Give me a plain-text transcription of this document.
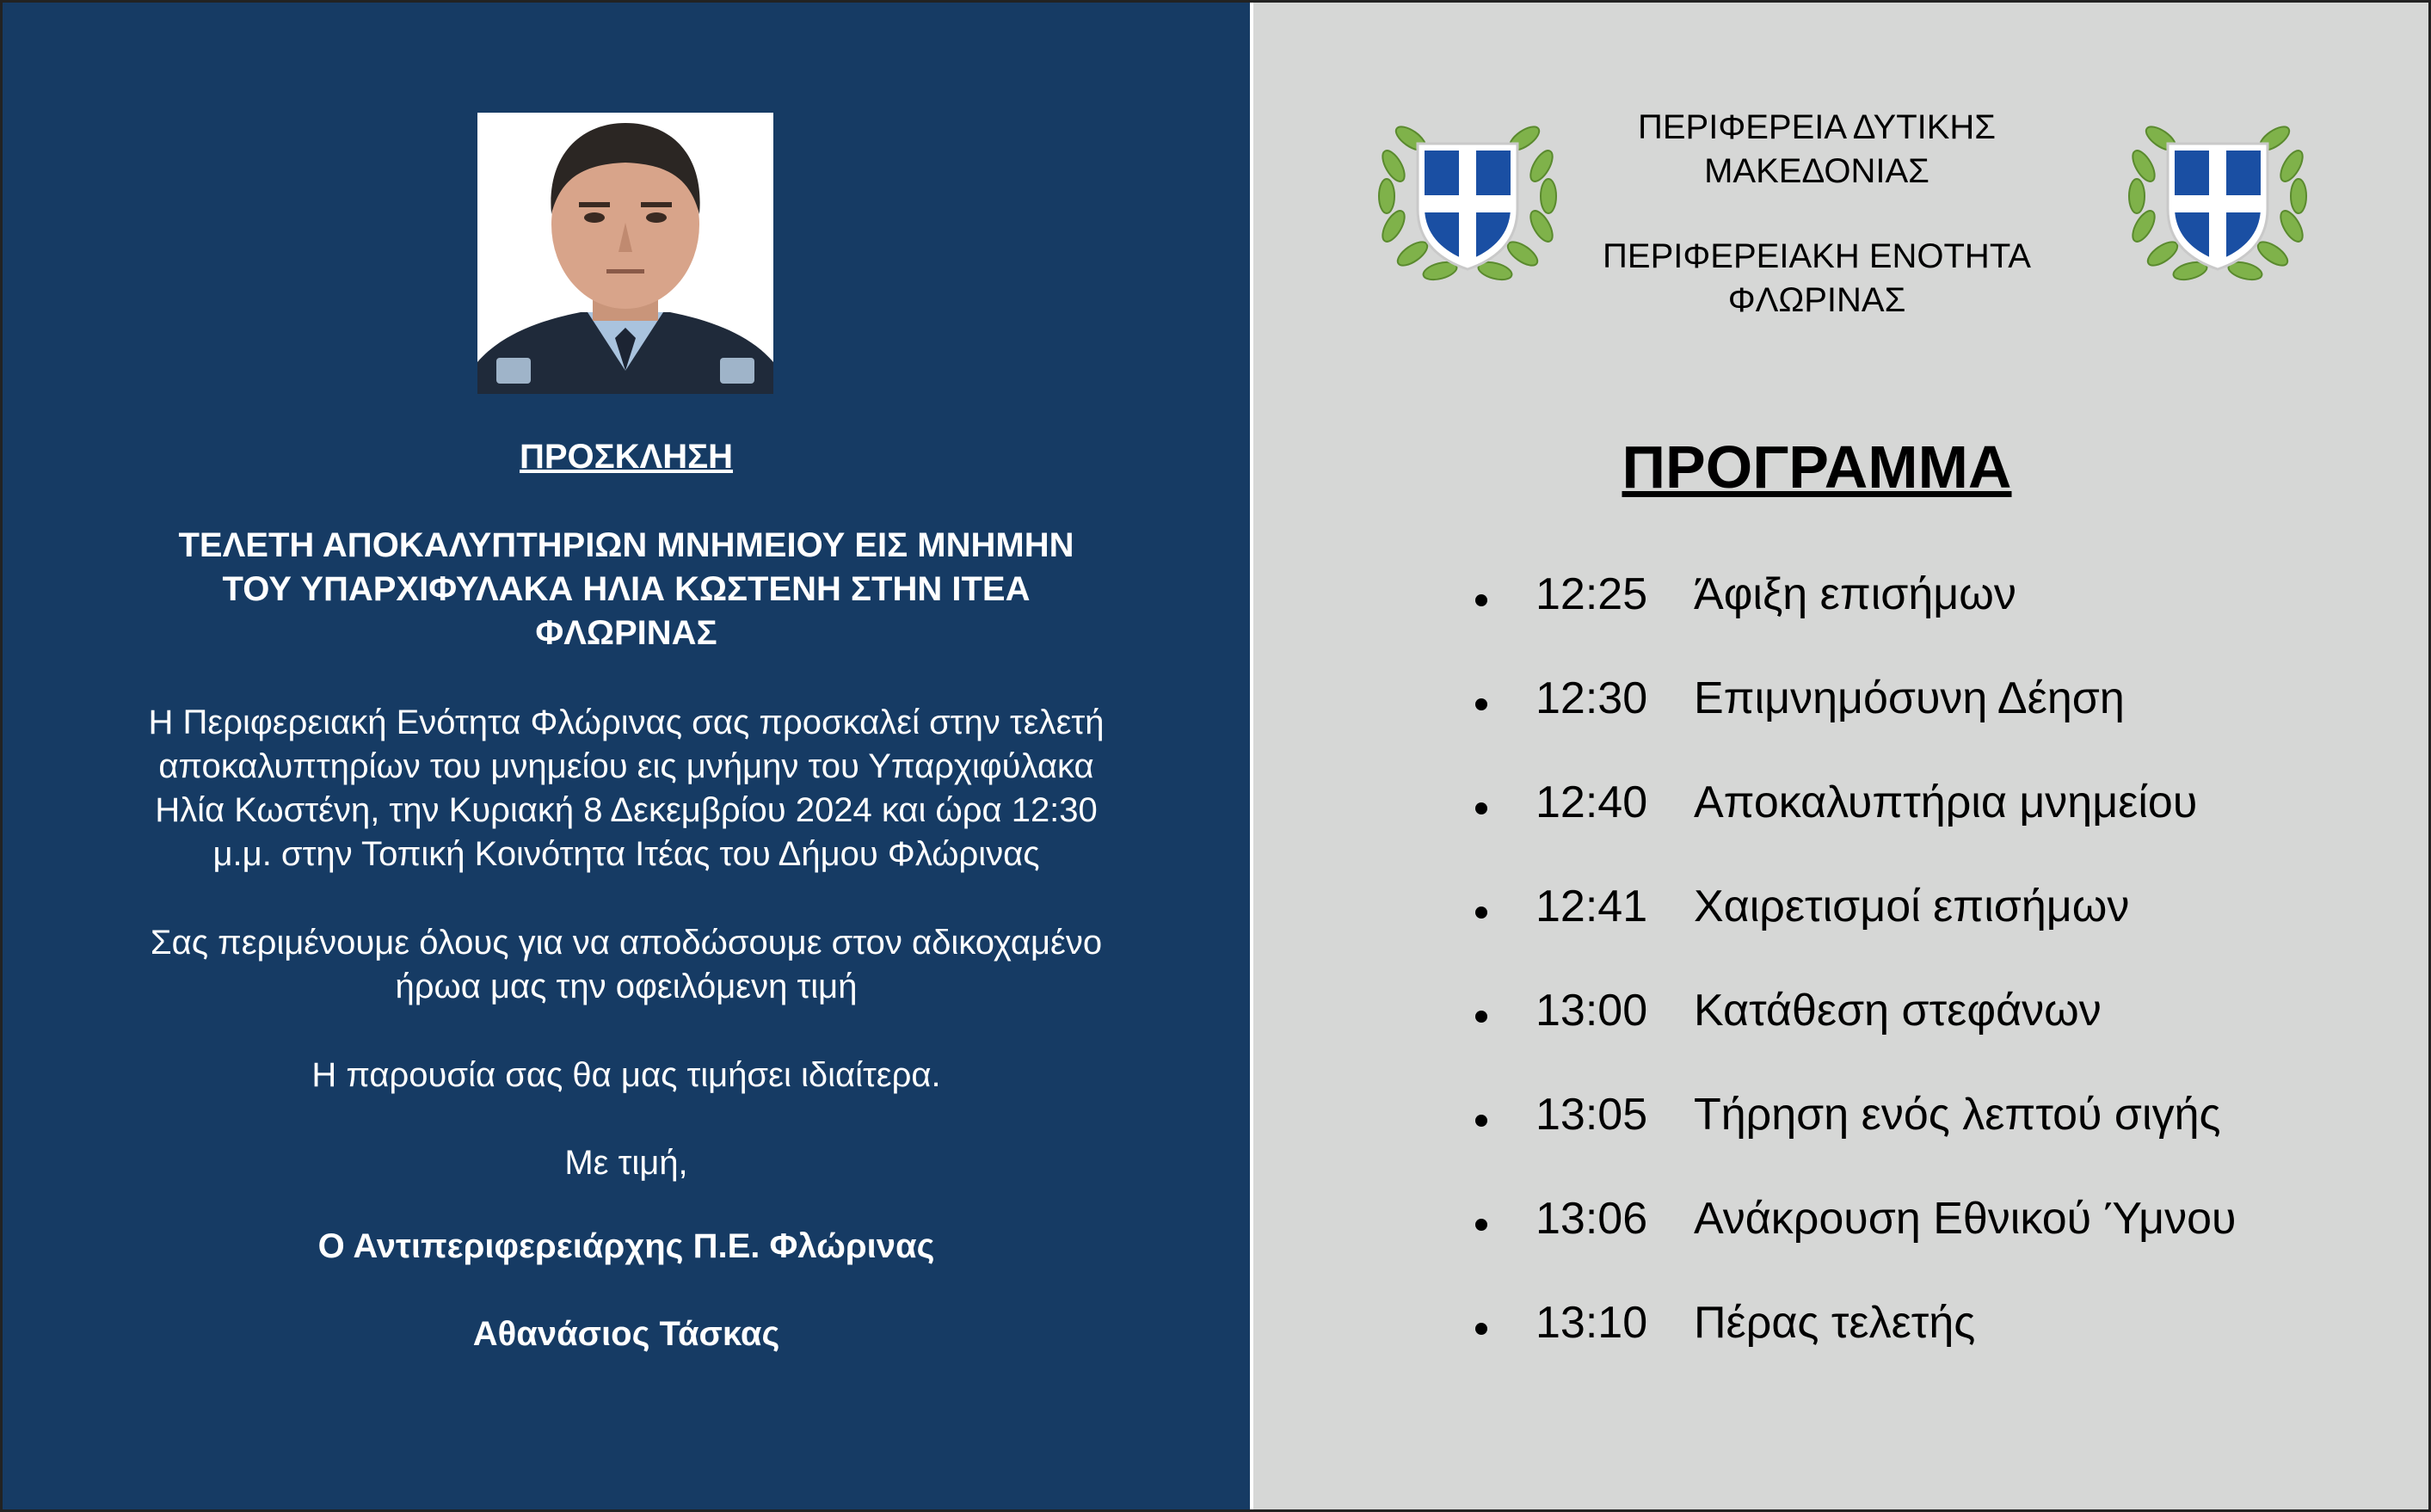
ΠΡΟΣΚΛΗΣΗ
ΤΕΛΕΤΗ ΑΠΟΚΑΛΥΠΤΗΡΙΩΝ ΜΝΗΜΕΙΟΥ ΕΙΣ ΜΝΗΜΗΝ
ΤΟΥ ΥΠΑΡΧΙΦΥΛΑΚΑ ΗΛΙΑ ΚΩΣΤΕΝΗ ΣΤΗΝ ΙΤΕΑ
ΦΛΩΡΙΝΑΣ
Η Περιφερειακή Ενότητα Φλώρινας σας προσκαλεί στην τελετή
αποκαλυπτηρίων του μνημείου εις μνήμην του Υπαρχιφύλακα
Ηλία Κωστένη, την Κυριακή 8 Δεκεμβρίου 2024 και ώρα 12:30
μ.μ. στην Τοπική Κοινότητα Ιτέας του Δήμου Φλώρινας
Σας περιμένουμε όλους για να αποδώσουμε στον αδικοχαμένο
ήρωα μας την οφειλόμενη τιμή
Η παρουσία σας θα μας τιμήσει ιδιαίτερα.
Με τιμή,
Ο Αντιπεριφερειάρχης Π.Ε. Φλώρινας
Αθανάσιος Τάσκας
ΠΕΡΙΦΕΡΕΙΑ ΔΥΤΙΚΗΣ
ΜΑΚΕΔΟΝΙΑΣ
ΠΕΡΙΦΕΡΕΙΑΚΗ ΕΝΟΤΗΤΑ
ΦΛΩΡΙΝΑΣ
ΠΡΟΓΡΑΜΜΑ
12:25	Άφιξη επισήμων
12:30	Επιμνημόσυνη Δέηση
12:40	Αποκαλυπτήρια μνημείου
12:41	Χαιρετισμοί επισήμων
13:00	Κατάθεση στεφάνων
13:05	Τήρηση ενός λεπτού σιγής
13:06	Ανάκρουση Εθνικού Ύμνου
13:10	Πέρας τελετής
